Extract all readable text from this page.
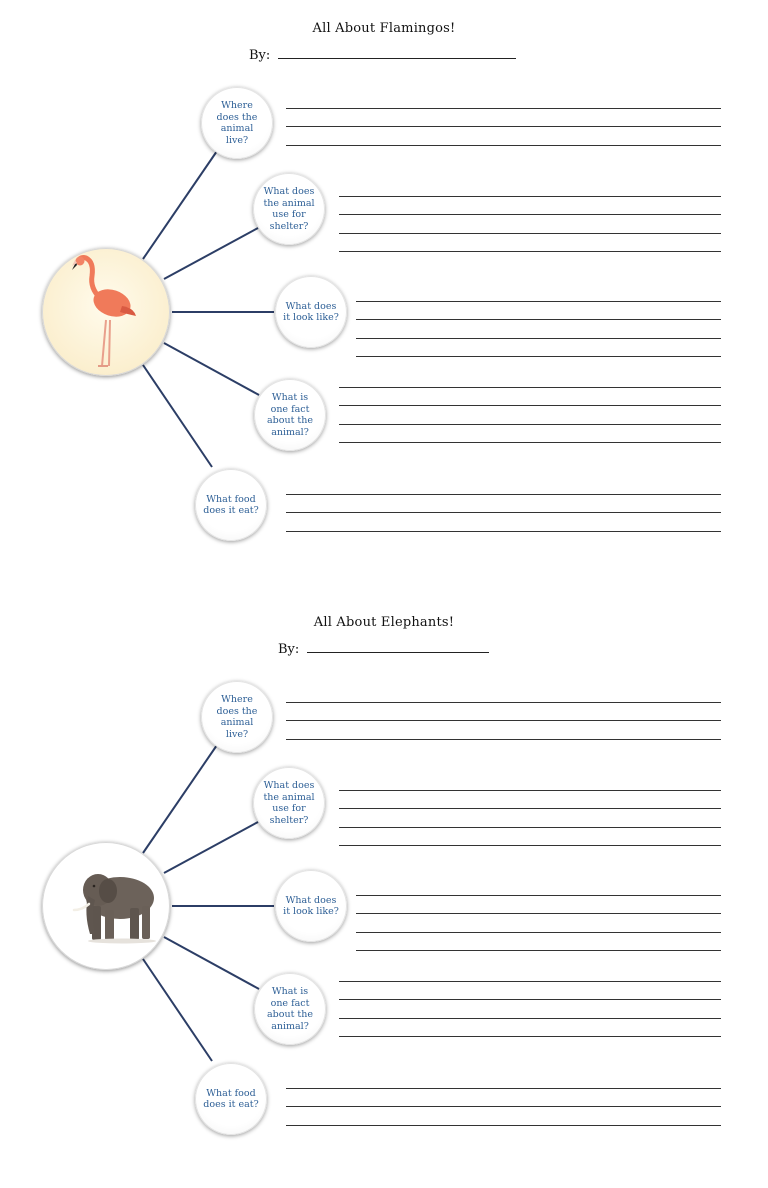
All About Flamingos!
By:
Where does the animal live?
What does the animal use for shelter?
What does it look like?
What is one fact about the animal?
What food does it eat?
All About Elephants!
By:
Where does the animal live?
What does the animal use for shelter?
What does it look like?
What is one fact about the animal?
What food does it eat?
